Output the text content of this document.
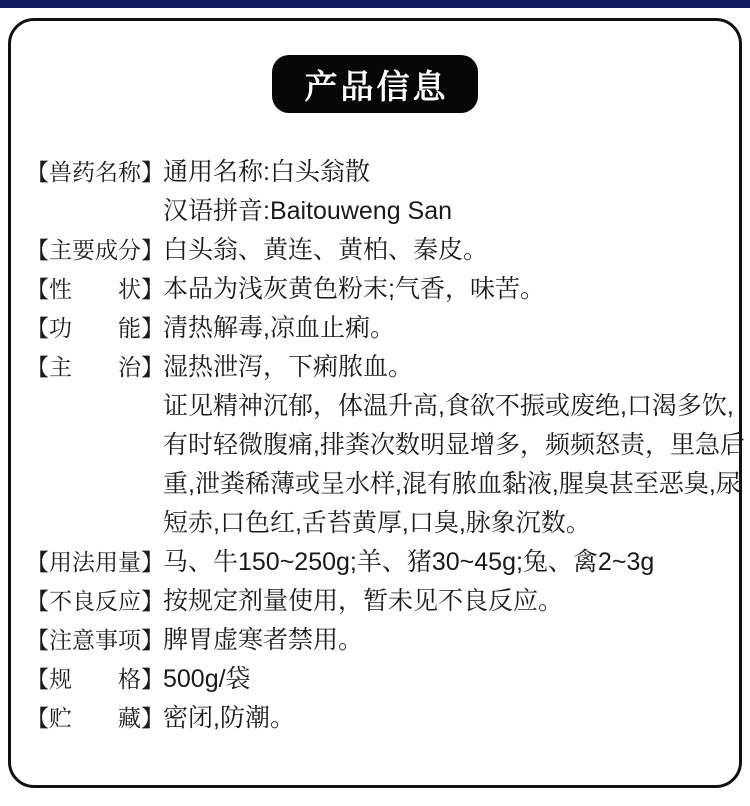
产品信息
【兽药名称】 通用名称:白头翁散
汉语拼音:Baitouweng San
【主要成分】 白头翁、黄连、黄柏、秦皮。
【性　　状】 本品为浅灰黄色粉末;气香，味苦。
【功　　能】 清热解毒,凉血止痢。
【主　　治】 湿热泄泻，下痢脓血。
证见精神沉郁，体温升高,食欲不振或废绝,口渴多饮,
有时轻微腹痛,排粪次数明显增多，频频怒责，里急后
重,泄粪稀薄或呈水样,混有脓血黏液,腥臭甚至恶臭,尿
短赤,口色红,舌苔黄厚,口臭,脉象沉数。
【用法用量】 马、牛150~250g;羊、猪30~45g;兔、禽2~3g
【不良反应】 按规定剂量使用，暂未见不良反应。
【注意事项】 脾胃虚寒者禁用。
【规　　格】 500g/袋
【贮　　藏】 密闭,防潮。
